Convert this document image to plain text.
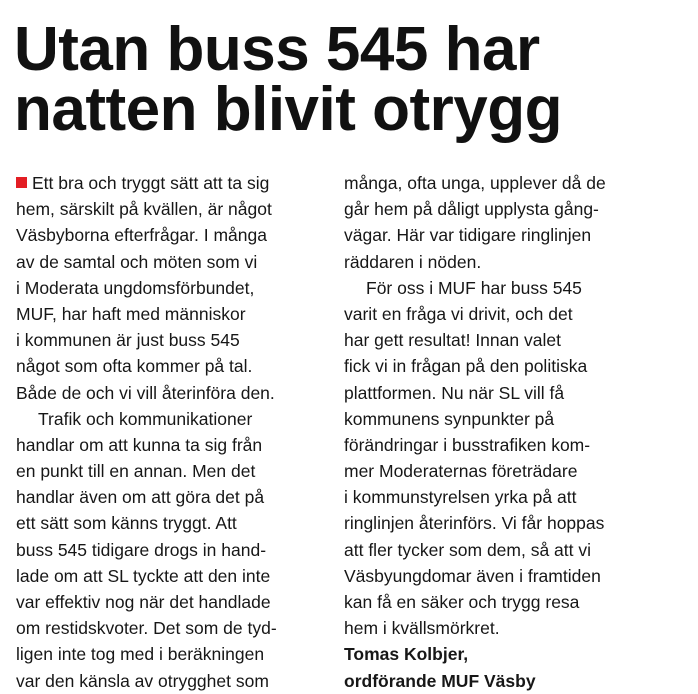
Utan buss 545 har
natten blivit otrygg
Ett bra och tryggt sätt att ta sig
hem, särskilt på kvällen, är något
Väsbyborna efterfrågar. I många
av de samtal och möten som vi
i Moderata ungdomsförbundet,
MUF, har haft med människor
i kommunen är just buss 545
något som ofta kommer på tal.
Både de och vi vill återinföra den.
Trafik och kommunikationer
handlar om att kunna ta sig från
en punkt till en annan. Men det
handlar även om att göra det på
ett sätt som känns tryggt. Att
buss 545 tidigare drogs in hand-
lade om att SL tyckte att den inte
var effektiv nog när det handlade
om restidskvoter. Det som de tyd-
ligen inte tog med i beräkningen
var den känsla av otrygghet som
många, ofta unga, upplever då de
går hem på dåligt upplysta gång-
vägar. Här var tidigare ringlinjen
räddaren i nöden.
För oss i MUF har buss 545
varit en fråga vi drivit, och det
har gett resultat! Innan valet
fick vi in frågan på den politiska
plattformen. Nu när SL vill få
kommunens synpunkter på
förändringar i busstrafiken kom-
mer Moderaternas företrädare
i kommunstyrelsen yrka på att
ringlinjen återinförs. Vi får hoppas
att fler tycker som dem, så att vi
Väsbyungdomar även i framtiden
kan få en säker och trygg resa
hem i kvällsmörkret.
Tomas Kolbjer,
ordförande MUF Väsby
